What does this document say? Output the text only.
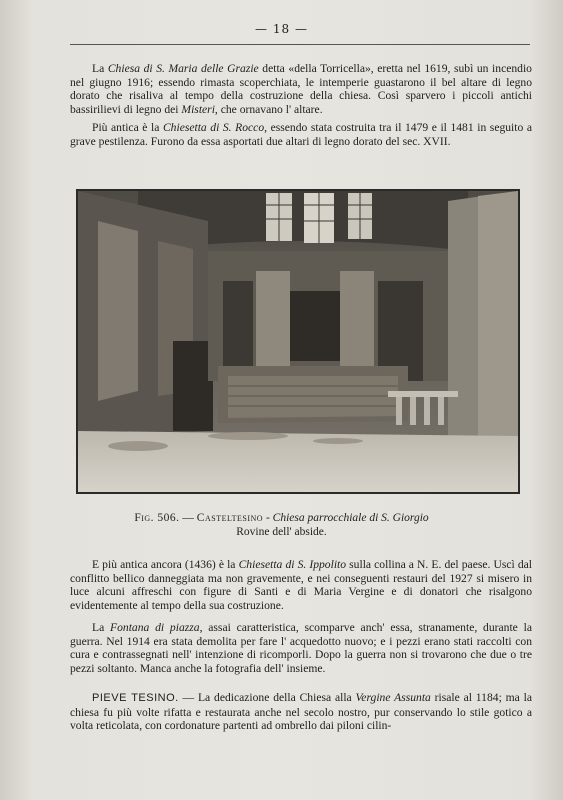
— 18 —

La Chiesa di S. Maria delle Grazie detta «della Torricella», eretta nel 1619, subì un incendio nel giugno 1916; essendo rimasta scoperchiata, le intemperie guastarono il bel altare di legno dorato che risaliva al tempo della costruzione della chiesa. Così sparvero i piccoli antichi bassirilievi di legno dei Misteri, che ornavano l' altare.

Più antica è la Chiesetta di S. Rocco, essendo stata costruita tra il 1479 e il 1481 in seguito a grave pestilenza. Furono da essa asportati due altari di legno dorato del sec. XVII.

Fig. 506. — Casteltesino - Chiesa parrocchiale di S. Giorgio
Rovine dell' abside.

E più antica ancora (1436) è la Chiesetta di S. Ippolito sulla collina a N. E. del paese. Uscì dal conflitto bellico danneggiata ma non gravemente, e nei conseguenti restauri del 1927 si misero in luce alcuni affreschi con figure di Santi e di Maria Vergine e di donatori che risalgono evidentemente al tempo della sua costruzione.

La Fontana di piazza, assai caratteristica, scomparve anch' essa, stranamente, durante la guerra. Nel 1914 era stata demolita per fare l' acquedotto nuovo; e i pezzi erano stati raccolti con cura e contrassegnati nell' intenzione di ricomporli. Dopo la guerra non si trovarono che due o tre pezzi soltanto. Manca anche la fotografia dell' insieme.

PIEVE TESINO. — La dedicazione della Chiesa alla Vergine Assunta risale al 1184; ma la chiesa fu più volte rifatta e restaurata anche nel secolo nostro, pur conservando lo stile gotico a volta reticolata, con cordonature partenti ad ombrello dai piloni cilin-
